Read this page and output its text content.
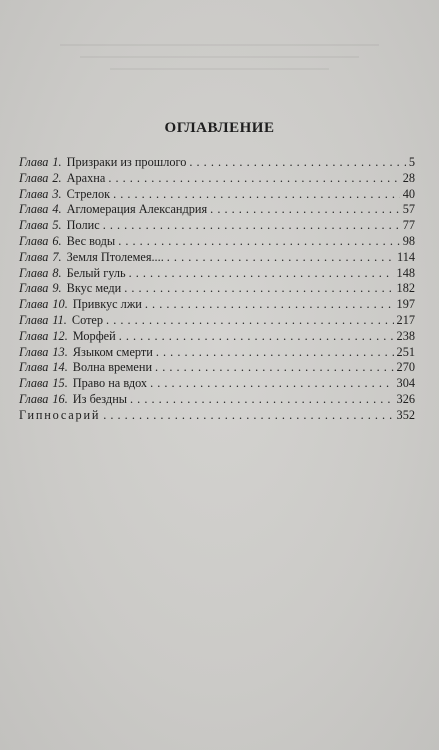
ОГЛАВЛЕНИЕ
Глава 1. Призраки из прошлого . . .	5
Глава 2. Арахна . . .	28
Глава 3. Стрелок . . .	40
Глава 4. Агломерация Александрия . . .	57
Глава 5. Полис . . .	77
Глава 6. Вес воды . . .	98
Глава 7. Земля Птолемея.... . . .	114
Глава 8. Белый гуль . . .	148
Глава 9. Вкус меди . . .	182
Глава 10. Привкус лжи . . .	197
Глава 11. Сотер . . .	217
Глава 12. Морфей . . .	238
Глава 13. Языком смерти . . .	251
Глава 14. Волна времени . . .	270
Глава 15. Право на вдох . . .	304
Глава 16. Из бездны . . .	326
Гипносарий . . .	352
